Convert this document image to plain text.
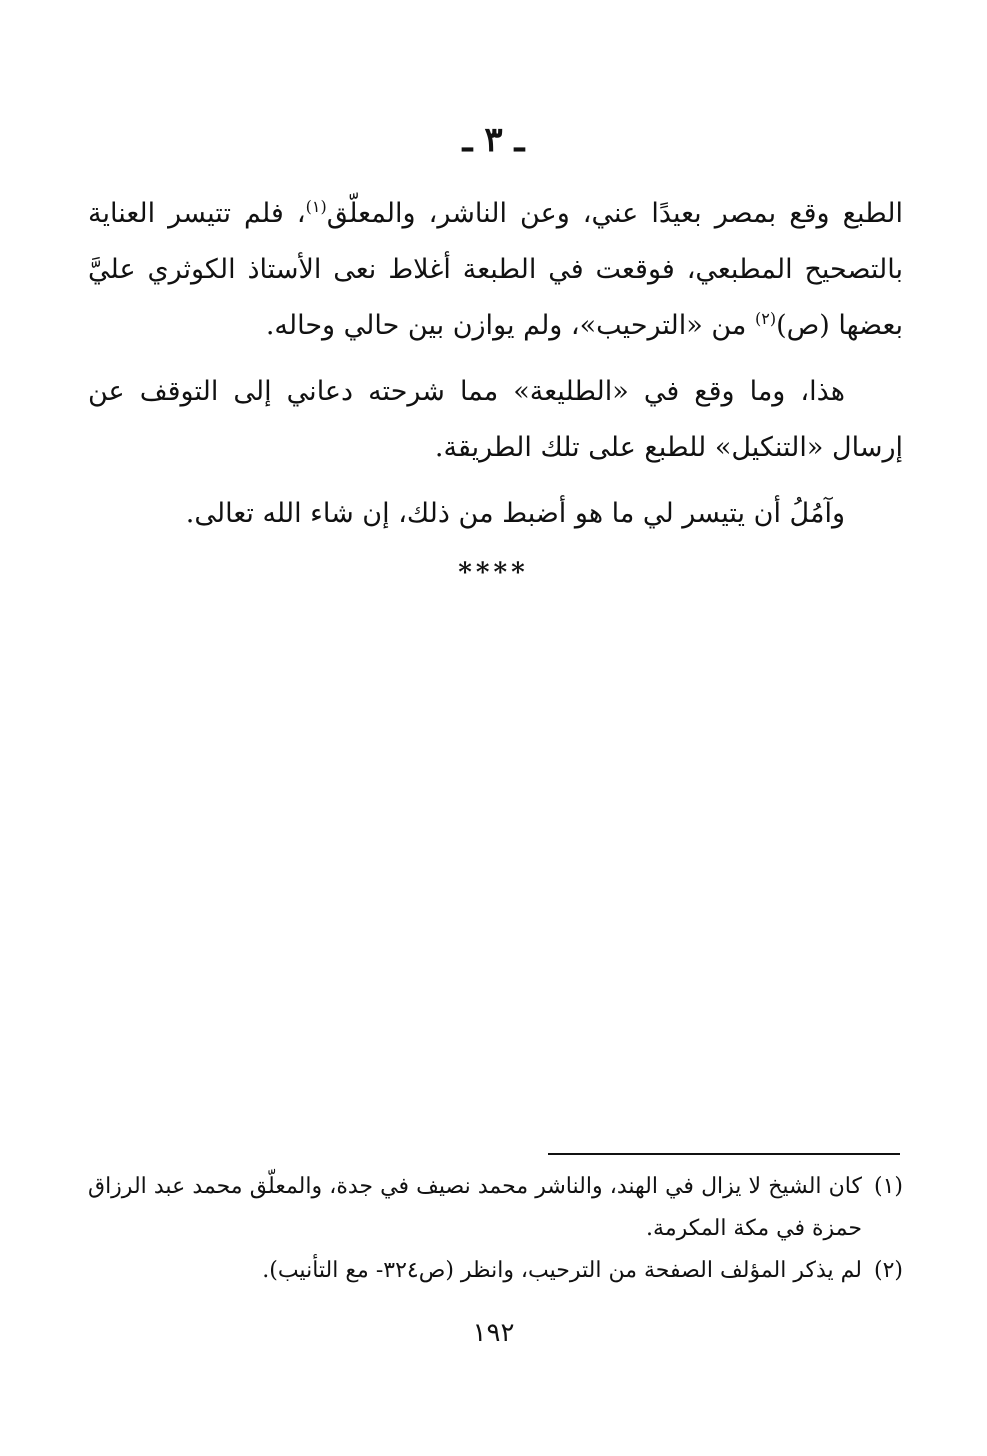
ـ ٣ ـ

الطبع وقع بمصر بعيدًا عني، وعن الناشر، والمعلّق$^{(١)}$، فلم تتيسر العناية بالتصحيح المطبعي، فوقعت في الطبعة أغلاط نعى الأستاذ الكوثري عليَّ بعضها (ص)$^{(٢)}$ من «الترحيب»، ولم يوازن بين حالي وحاله.

هذا، وما وقع في «الطليعة» مما شرحته دعاني إلى التوقف عن إرسال «التنكيل» للطبع على تلك الطريقة.

وآمُلُ أن يتيسر لي ما هو أضبط من ذلك، إن شاء الله تعالى.

****
(١)
كان الشيخ لا يزال في الهند، والناشر محمد نصيف في جدة، والمعلّق محمد عبد الرزاق حمزة في مكة المكرمة.
(٢)
لم يذكر المؤلف الصفحة من الترحيب، وانظر (ص٣٢٤- مع التأنيب).
١٩٢
